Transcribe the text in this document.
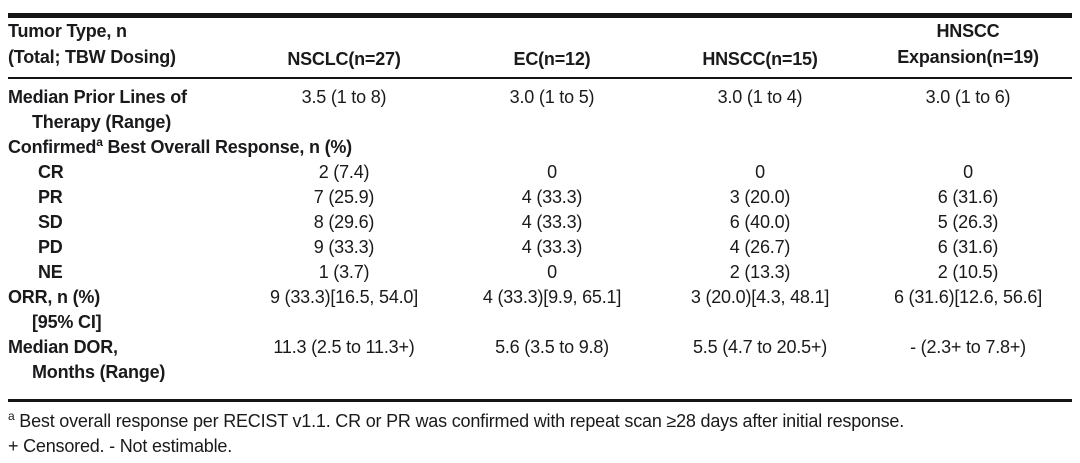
Tumor Type, n
(Total; TBW Dosing)	NSCLC(n=27)	EC(n=12)	HNSCC(n=15)	HNSCC
Expansion(n=19)

Median Prior Lines of
Therapy (Range)	3.5 (1 to 8)	3.0 (1 to 5)	3.0 (1 to 4)	3.0 (1 to 6)
Confirmed$^a$ Best Overall Response, n (%)				
CR	2 (7.4)	0	0	0
PR	7 (25.9)	4 (33.3)	3 (20.0)	6 (31.6)
SD	8 (29.6)	4 (33.3)	6 (40.0)	5 (26.3)
PD	9 (33.3)	4 (33.3)	4 (26.7)	6 (31.6)
NE	1 (3.7)	0	2 (13.3)	2 (10.5)

ORR, n (%)
[95% CI]	9 (33.3)[16.5, 54.0]	4 (33.3)[9.9, 65.1]	3 (20.0)[4.3, 48.1]	6 (31.6)[12.6, 56.6]

Median DOR,
Months (Range)	11.3 (2.5 to 11.3+)	5.6 (3.5 to 9.8)	5.5 (4.7 to 20.5+)	- (2.3+ to 7.8+)
$^a$ Best overall response per RECIST v1.1. CR or PR was confirmed with repeat scan ≥28 days after initial response.
+ Censored. - Not estimable.
